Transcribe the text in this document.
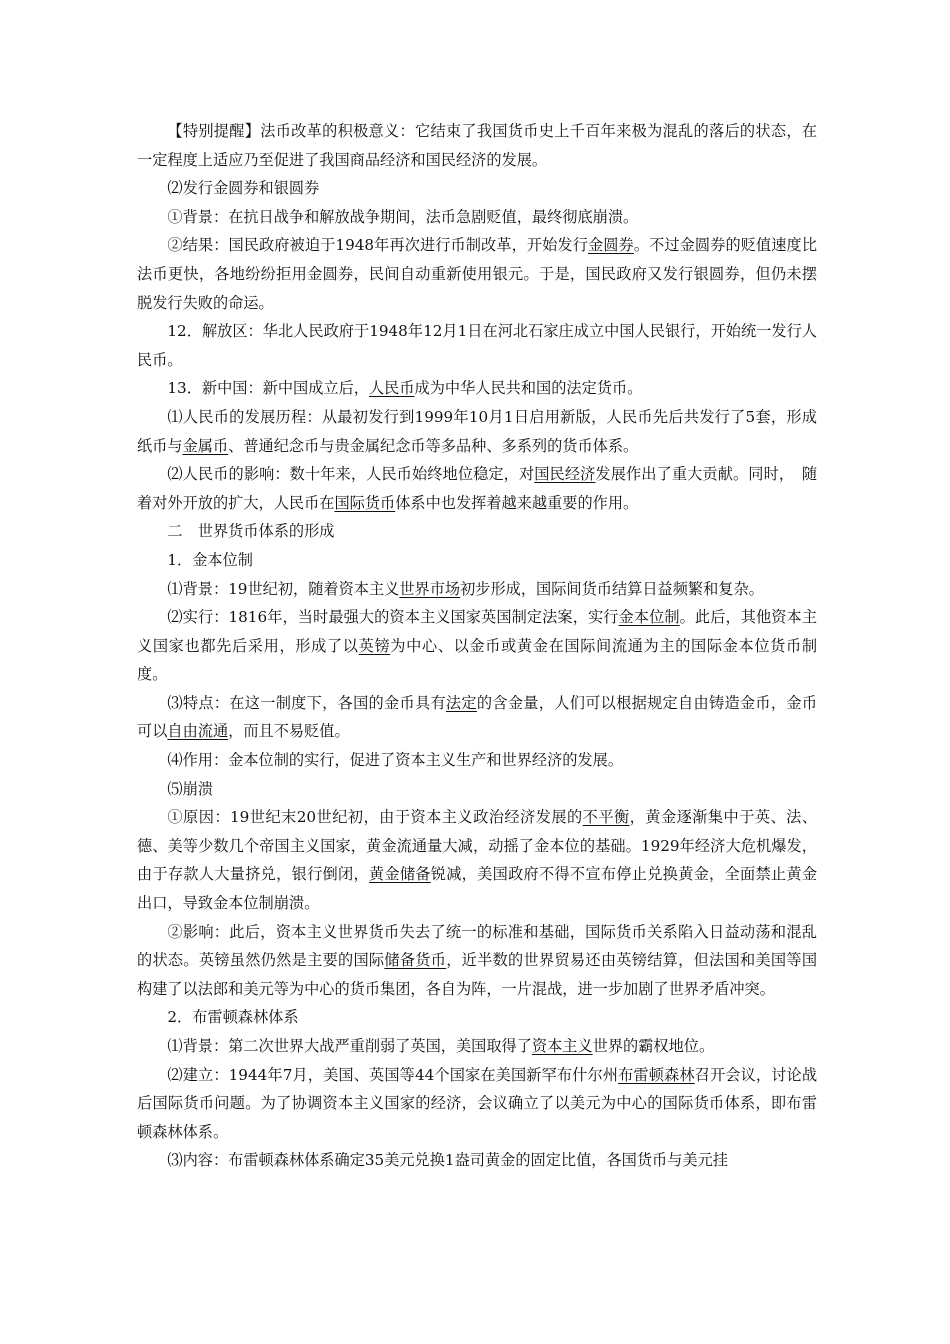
【特别提醒】法币改革的积极意义：它结束了我国货币史上千百年来极为混乱的落后的状态，在一定程度上适应乃至促进了我国商品经济和国民经济的发展。

⑵发行金圆券和银圆券

①背景：在抗日战争和解放战争期间，法币急剧贬值，最终彻底崩溃。

②结果：国民政府被迫于1948年再次进行币制改革，开始发行金圆券。不过金圆券的贬值速度比法币更快，各地纷纷拒用金圆券，民间自动重新使用银元。于是，国民政府又发行银圆券，但仍未摆脱发行失败的命运。

12．解放区：华北人民政府于1948年12月1日在河北石家庄成立中国人民银行，开始统一发行人民币。

13．新中国：新中国成立后，人民币成为中华人民共和国的法定货币。

⑴人民币的发展历程：从最初发行到1999年10月1日启用新版，人民币先后共发行了5套，形成纸币与金属币、普通纪念币与贵金属纪念币等多品种、多系列的货币体系。

⑵人民币的影响：数十年来，人民币始终地位稳定，对国民经济发展作出了重大贡献。同时，　随着对外开放的扩大，人民币在国际货币体系中也发挥着越来越重要的作用。

二　世界货币体系的形成

1．金本位制

⑴背景：19世纪初，随着资本主义世界市场初步形成，国际间货币结算日益频繁和复杂。

⑵实行：1816年，当时最强大的资本主义国家英国制定法案，实行金本位制。此后，其他资本主义国家也都先后采用，形成了以英镑为中心、以金币或黄金在国际间流通为主的国际金本位货币制度。

⑶特点：在这一制度下，各国的金币具有法定的含金量，人们可以根据规定自由铸造金币，金币可以自由流通，而且不易贬值。

⑷作用：金本位制的实行，促进了资本主义生产和世界经济的发展。

⑸崩溃

①原因：19世纪末20世纪初，由于资本主义政治经济发展的不平衡，黄金逐渐集中于英、法、德、美等少数几个帝国主义国家，黄金流通量大减，动摇了金本位的基础。1929年经济大危机爆发，由于存款人大量挤兑，银行倒闭，黄金储备锐减，美国政府不得不宣布停止兑换黄金，全面禁止黄金出口，导致金本位制崩溃。

②影响：此后，资本主义世界货币失去了统一的标准和基础，国际货币关系陷入日益动荡和混乱的状态。英镑虽然仍然是主要的国际储备货币，近半数的世界贸易还由英镑结算，但法国和美国等国构建了以法郎和美元等为中心的货币集团，各自为阵，一片混战，进一步加剧了世界矛盾冲突。

2．布雷顿森林体系

⑴背景：第二次世界大战严重削弱了英国，美国取得了资本主义世界的霸权地位。

⑵建立：1944年7月，美国、英国等44个国家在美国新罕布什尔州布雷顿森林召开会议，讨论战后国际货币问题。为了协调资本主义国家的经济，会议确立了以美元为中心的国际货币体系，即布雷顿森林体系。

⑶内容：布雷顿森林体系确定35美元兑换1盎司黄金的固定比值，各国货币与美元挂
